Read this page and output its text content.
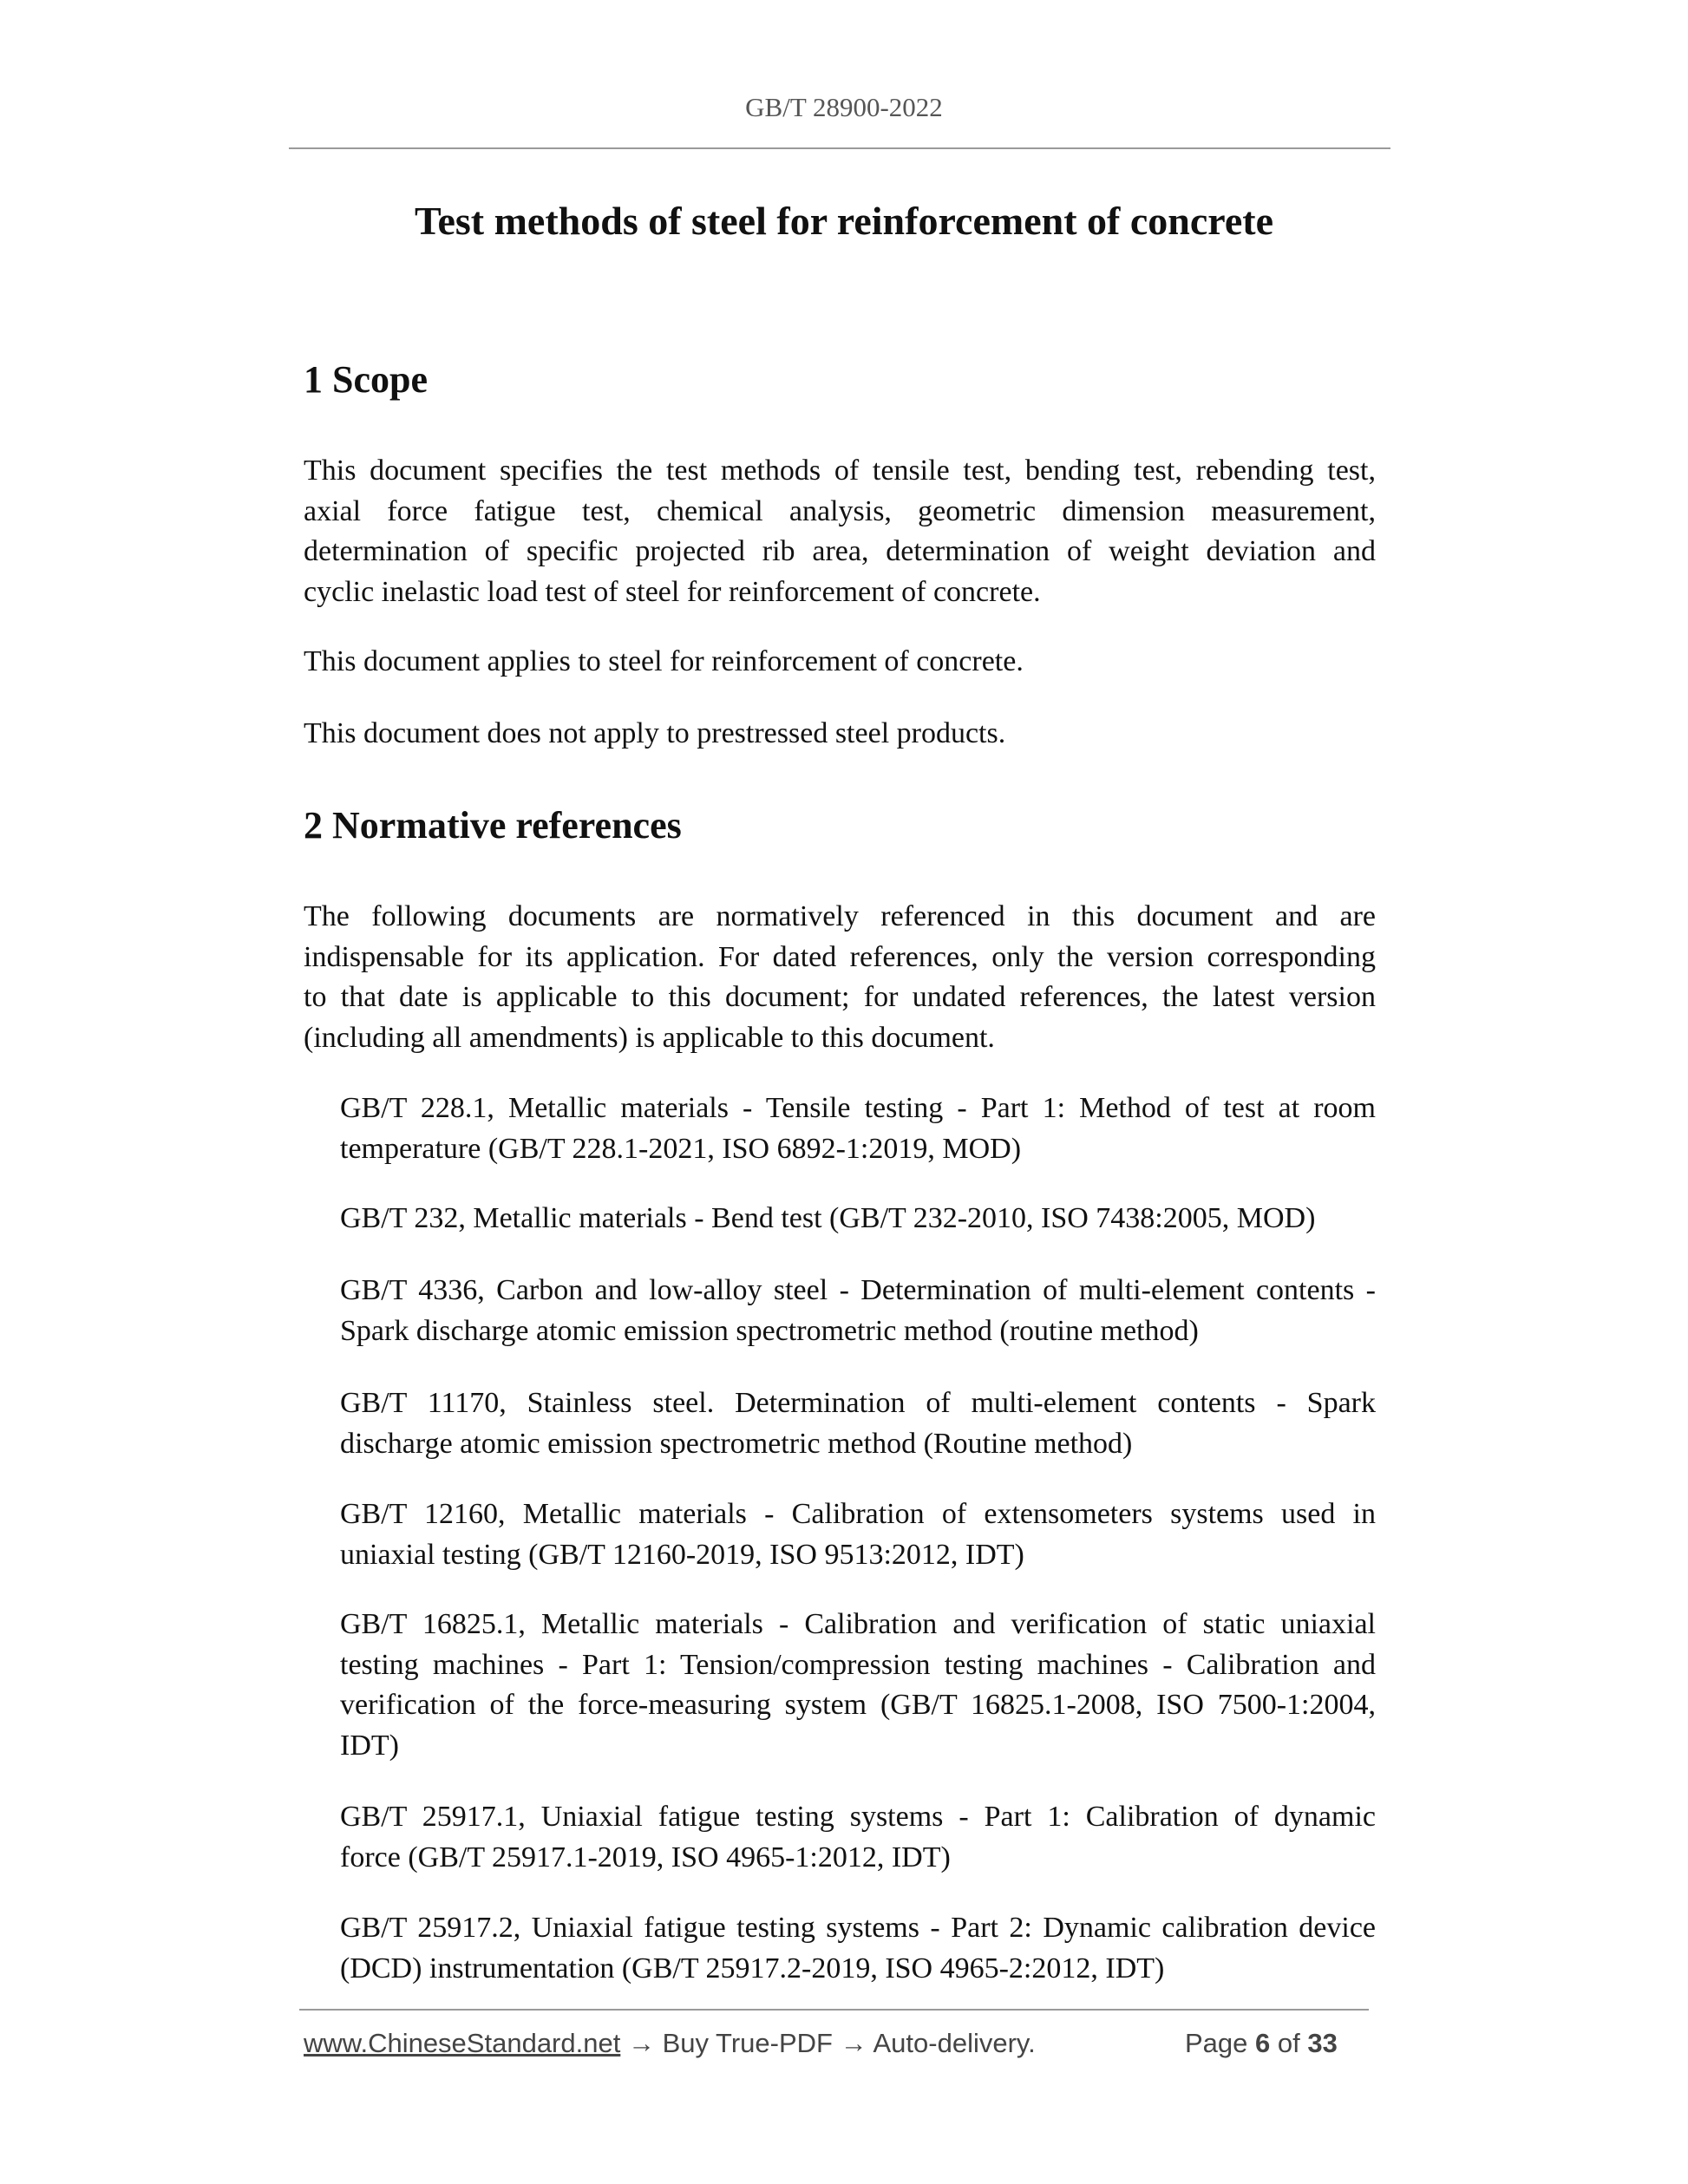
GB/T 28900-2022
Test methods of steel for reinforcement of concrete
1 Scope
This document specifies the test methods of tensile test, bending test, rebending test,
axial force fatigue test, chemical analysis, geometric dimension measurement,
determination of specific projected rib area, determination of weight deviation and
cyclic inelastic load test of steel for reinforcement of concrete.
This document applies to steel for reinforcement of concrete.
This document does not apply to prestressed steel products.
2 Normative references
The following documents are normatively referenced in this document and are
indispensable for its application. For dated references, only the version corresponding
to that date is applicable to this document; for undated references, the latest version
(including all amendments) is applicable to this document.
GB/T 228.1, Metallic materials - Tensile testing - Part 1: Method of test at room
temperature (GB/T 228.1-2021, ISO 6892-1:2019, MOD)
GB/T 232, Metallic materials - Bend test (GB/T 232-2010, ISO 7438:2005, MOD)
GB/T 4336, Carbon and low-alloy steel - Determination of multi-element contents -
Spark discharge atomic emission spectrometric method (routine method)
GB/T 11170, Stainless steel. Determination of multi-element contents - Spark
discharge atomic emission spectrometric method (Routine method)
GB/T 12160, Metallic materials - Calibration of extensometers systems used in
uniaxial testing (GB/T 12160-2019, ISO 9513:2012, IDT)
GB/T 16825.1, Metallic materials - Calibration and verification of static uniaxial
testing machines - Part 1: Tension/compression testing machines - Calibration and
verification of the force-measuring system (GB/T 16825.1-2008, ISO 7500-1:2004,
IDT)
GB/T 25917.1, Uniaxial fatigue testing systems - Part 1: Calibration of dynamic
force (GB/T 25917.1-2019, ISO 4965-1:2012, IDT)
GB/T 25917.2, Uniaxial fatigue testing systems - Part 2: Dynamic calibration device
(DCD) instrumentation (GB/T 25917.2-2019, ISO 4965-2:2012, IDT)
www.ChineseStandard.net → Buy True-PDF → Auto-delivery.	Page 6 of 33
